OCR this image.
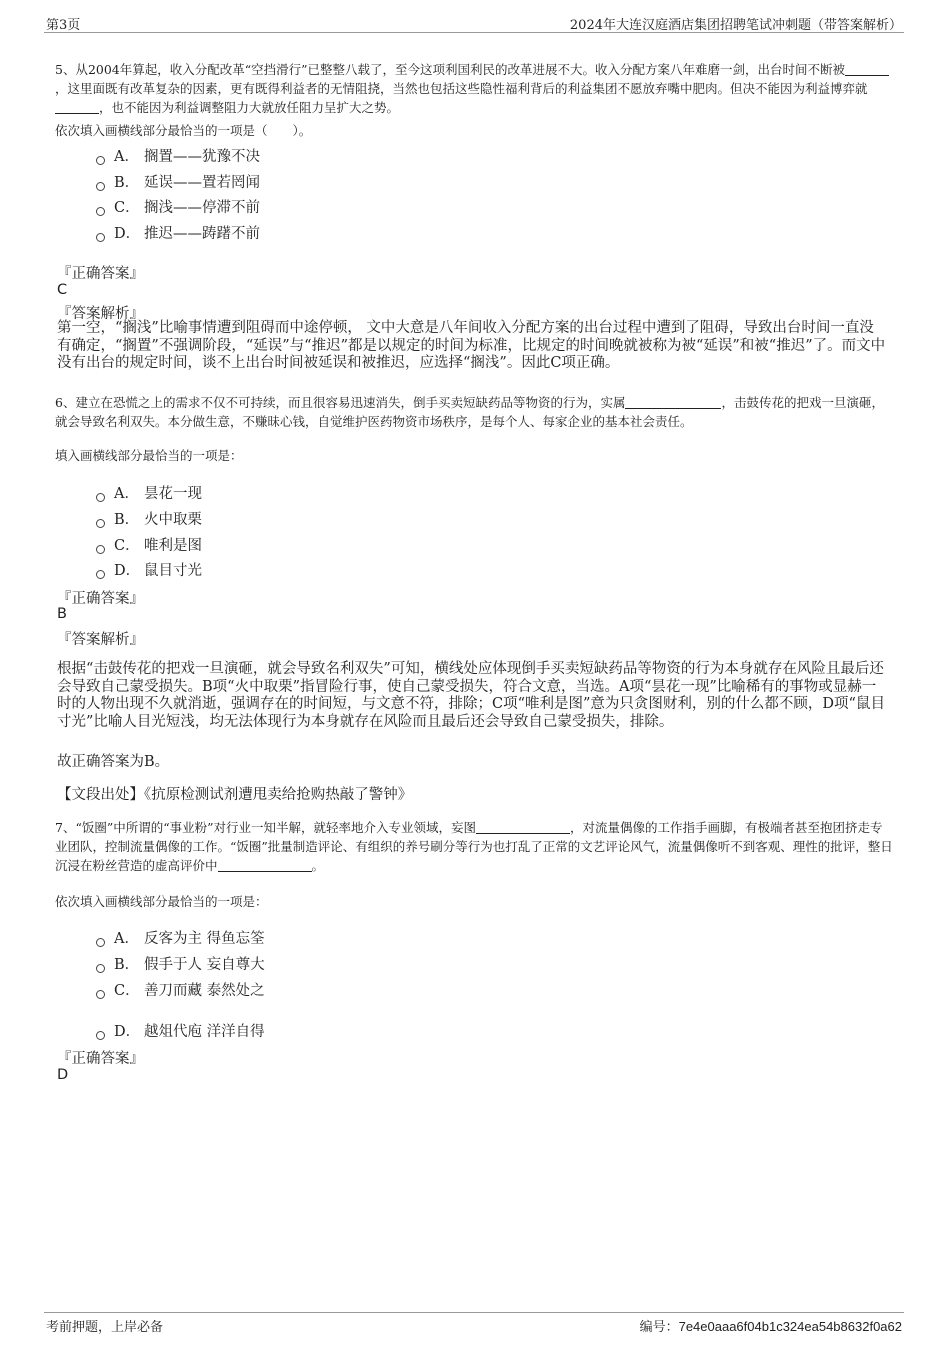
第3页	2024年大连汉庭酒店集团招聘笔试冲刺题（带答案解析）

5、从2004年算起，收入分配改革“空挡滑行”已整整八载了，至今这项利国利民的改革进展不大。收入分配方案八年难磨一剑，出台时间不断被，这里面既有改革复杂的因素，更有既得利益者的无情阻挠，当然也包括这些隐性福利背后的利益集团不愿放弃嘴中肥肉。但决不能因为利益博弈就，也不能因为利益调整阻力大就放任阻力呈扩大之势。

依次填入画横线部分最恰当的一项是（　　）。

A． 搁置——犹豫不决
B． 延误——置若罔闻
C． 搁浅——停滞不前
D． 推迟——踌躇不前
『正确答案』
C
『答案解析』

第一空，“搁浅”比喻事情遭到阻碍而中途停顿， 文中大意是八年间收入分配方案的出台过程中遭到了阻碍，导致出台时间一直没有确定，“搁置”不强调阶段，“延误”与“推迟”都是以规定的时间为标准，比规定的时间晚就被称为被“延误”和被“推迟”了。而文中没有出台的规定时间，谈不上出台时间被延误和被推迟，应选择“搁浅”。因此C项正确。

6、建立在恐慌之上的需求不仅不可持续，而且很容易迅速消失，倒手买卖短缺药品等物资的行为，实属	，击鼓传花的把戏一旦演砸，就会导致名利双失。本分做生意，不赚昧心钱，自觉维护医药物资市场秩序，是每个人、每家企业的基本社会责任。

填入画横线部分最恰当的一项是：

A． 昙花一现
B． 火中取栗
C． 唯利是图
D． 鼠目寸光
『正确答案』
B
『答案解析』

根据“击鼓传花的把戏一旦演砸，就会导致名利双失”可知，横线处应体现倒手买卖短缺药品等物资的行为本身就存在风险且最后还会导致自己蒙受损失。B项“火中取栗”指冒险行事，使自己蒙受损失，符合文意，当选。A项“昙花一现”比喻稀有的事物或显赫一时的人物出现不久就消逝，强调存在的时间短，与文意不符，排除；C项“唯利是图”意为只贪图财利，别的什么都不顾，D项“鼠目寸光”比喻人目光短浅，均无法体现行为本身就存在风险而且最后还会导致自己蒙受损失，排除。

故正确答案为B。
【文段出处】《抗原检测试剂遭甩卖给抢购热敲了警钟》

7、“饭圈”中所谓的“事业粉”对行业一知半解，就轻率地介入专业领域，妄图	，对流量偶像的工作指手画脚，有极端者甚至抱团挤走专业团队，控制流量偶像的工作。“饭圈”批量制造评论、有组织的养号刷分等行为也打乱了正常的文艺评论风气，流量偶像听不到客观、理性的批评，整日沉浸在粉丝营造的虚高评价中	。

依次填入画横线部分最恰当的一项是：

A． 反客为主 得鱼忘筌
B． 假手于人 妄自尊大
C． 善刀而藏 泰然处之
D． 越俎代庖 洋洋自得
『正确答案』
D
考前押题，上岸必备	编号：7e4e0aaa6f04b1c324ea54b8632f0a62
